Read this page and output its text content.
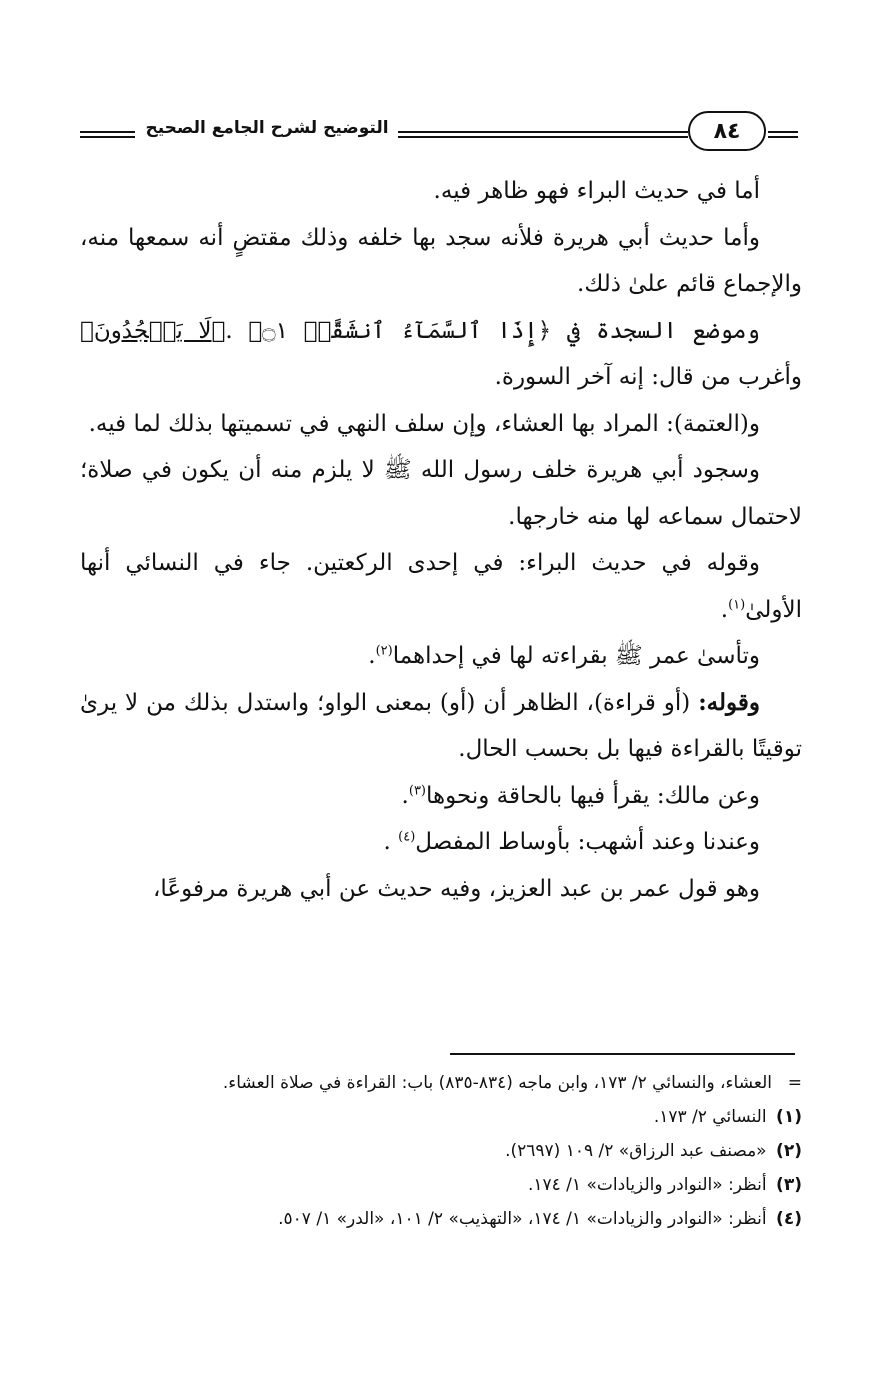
التوضيح لشرح الجامع الصحيح	٨٤

أما في حديث البراء فهو ظاهر فيه.

وأما حديث أبي هريرة فلأنه سجد بها خلفه وذلك مقتضٍ أنه سمعها منه، والإجماع قائم علىٰ ذلك.

وموضع السجدة في ﴿إِذَا ٱلسَّمَآءُ ٱنشَقَّتۡ ۝١﴾ .﴿لَا يَسۡجُدُونَ﴾ وأغرب من قال: إنه آخر السورة.

و(العتمة): المراد بها العشاء، وإن سلف النهي في تسميتها بذلك لما فيه.

وسجود أبي هريرة خلف رسول الله ﷺ لا يلزم منه أن يكون في صلاة؛ لاحتمال سماعه لها منه خارجها.

وقوله في حديث البراء: في إحدى الركعتين. جاء في النسائي أنها الأولىٰ$^{(١)}$.

وتأسىٰ عمر ﷺ بقراءته لها في إحداهما$^{(٢)}$.

وقوله: (أو قراءة)، الظاهر أن (أو) بمعنى الواو؛ واستدل بذلك من لا يرىٰ توقيتًا بالقراءة فيها بل بحسب الحال.

وعن مالك: يقرأ فيها بالحاقة ونحوها$^{(٣)}$.

وعندنا وعند أشهب: بأوساط المفصل$^{(٤)}$ .

وهو قول عمر بن عبد العزيز، وفيه حديث عن أبي هريرة مرفوعًا،

=العشاء، والنسائي ٢/ ١٧٣، وابن ماجه (٨٣٤-٨٣٥) باب: القراءة في صلاة العشاء.

(١) النسائي ٢/ ١٧٣.

(٢) «مصنف عبد الرزاق» ٢/ ١٠٩ (٢٦٩٧).

(٣) أنظر: «النوادر والزيادات» ١/ ١٧٤.

(٤) أنظر: «النوادر والزيادات» ١/ ١٧٤، «التهذيب» ٢/ ١٠١، «الدر» ١/ ٥٠٧.
